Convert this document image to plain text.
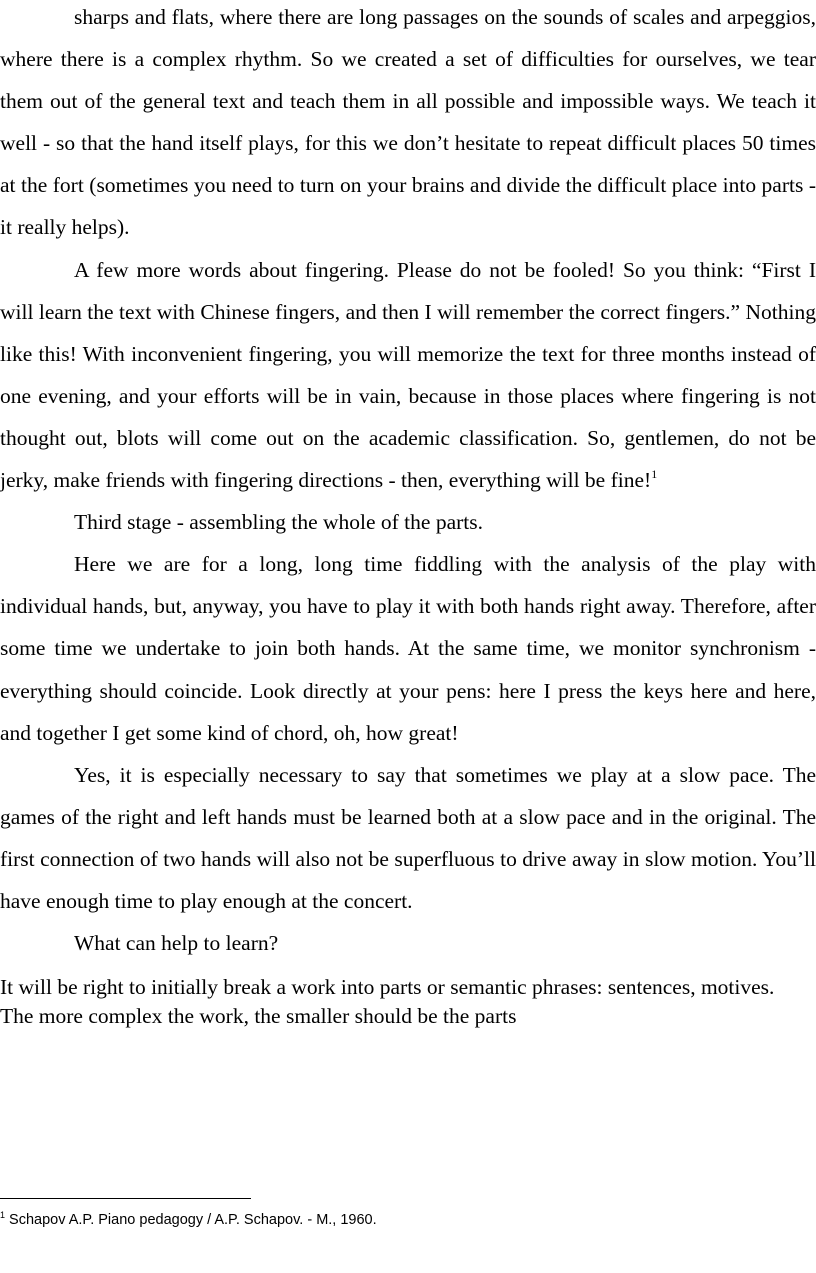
sharps and flats, where there are long passages on the sounds of scales and arpeggios, where there is a complex rhythm. So we created a set of difficulties for ourselves, we tear them out of the general text and teach them in all possible and impossible ways. We teach it well - so that the hand itself plays, for this we don’t hesitate to repeat difficult places 50 times at the fort (sometimes you need to turn on your brains and divide the difficult place into parts - it really helps).

A few more words about fingering. Please do not be fooled! So you think: “First I will learn the text with Chinese fingers, and then I will remember the correct fingers.” Nothing like this! With inconvenient fingering, you will memorize the text for three months instead of one evening, and your efforts will be in vain, because in those places where fingering is not thought out, blots will come out on the academic classification. So, gentlemen, do not be jerky, make friends with fingering directions - then, everything will be fine!$^1$

Third stage - assembling the whole of the parts.

Here we are for a long, long time fiddling with the analysis of the play with individual hands, but, anyway, you have to play it with both hands right away. Therefore, after some time we undertake to join both hands. At the same time, we monitor synchronism - everything should coincide. Look directly at your pens: here I press the keys here and here, and together I get some kind of chord, oh, how great!

Yes, it is especially necessary to say that sometimes we play at a slow pace. The games of the right and left hands must be learned both at a slow pace and in the original. The first connection of two hands will also not be superfluous to drive away in slow motion. You’ll have enough time to play enough at the concert.

What can help to learn?

It will be right to initially break a work into parts or semantic phrases: sentences, motives. The more complex the work, the smaller should be the parts

$^1$ Schapov A.P. Piano pedagogy / A.P. Schapov. - M., 1960.
